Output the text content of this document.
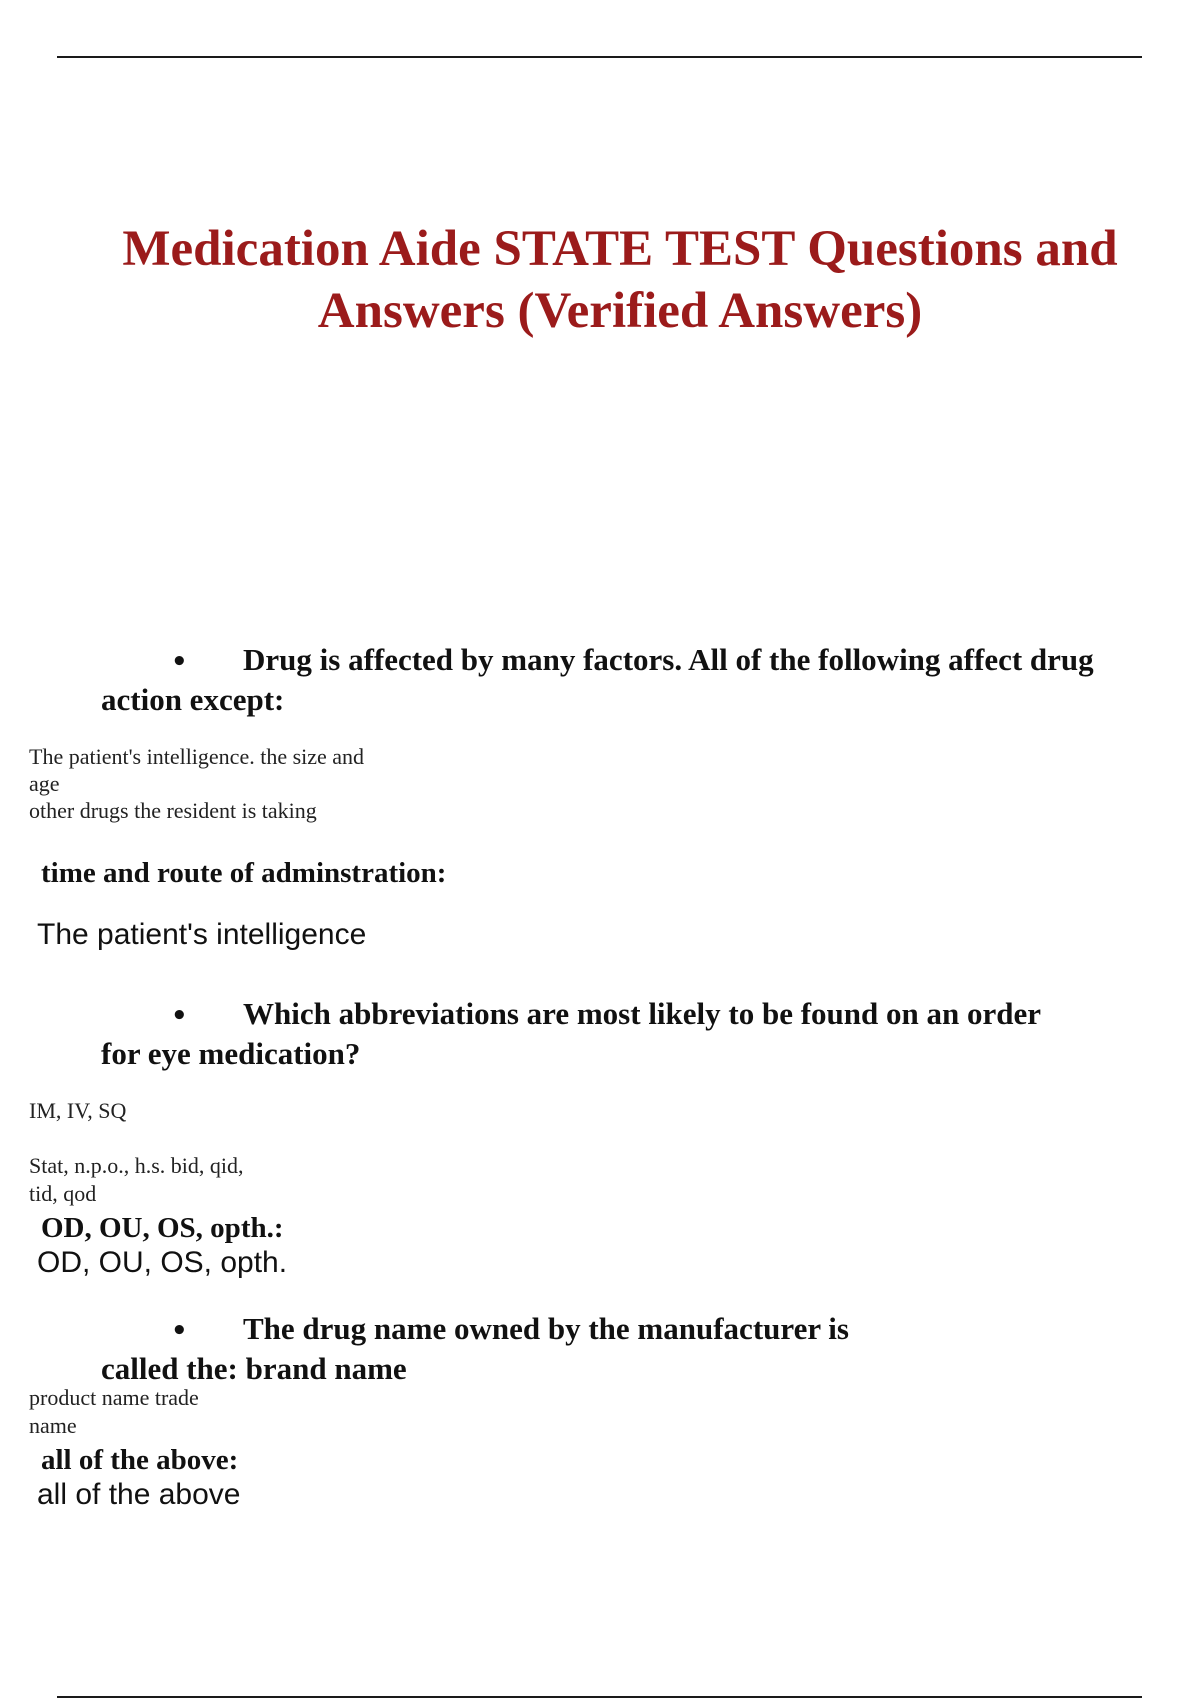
Medication Aide STATE TEST Questions and Answers (Verified Answers)
• Drug is affected by many factors. All of the following affect drug
action except:
The patient's intelligence. the size and
age
other drugs the resident is taking
time and route of adminstration:
The patient's intelligence
• Which abbreviations are most likely to be found on an order
for eye medication?
IM, IV, SQ
Stat, n.p.o., h.s. bid, qid,
tid, qod
OD, OU, OS, opth.:
OD, OU, OS, opth.
• The drug name owned by the manufacturer is
called the: brand name
product name trade
name
all of the above:
all of the above
